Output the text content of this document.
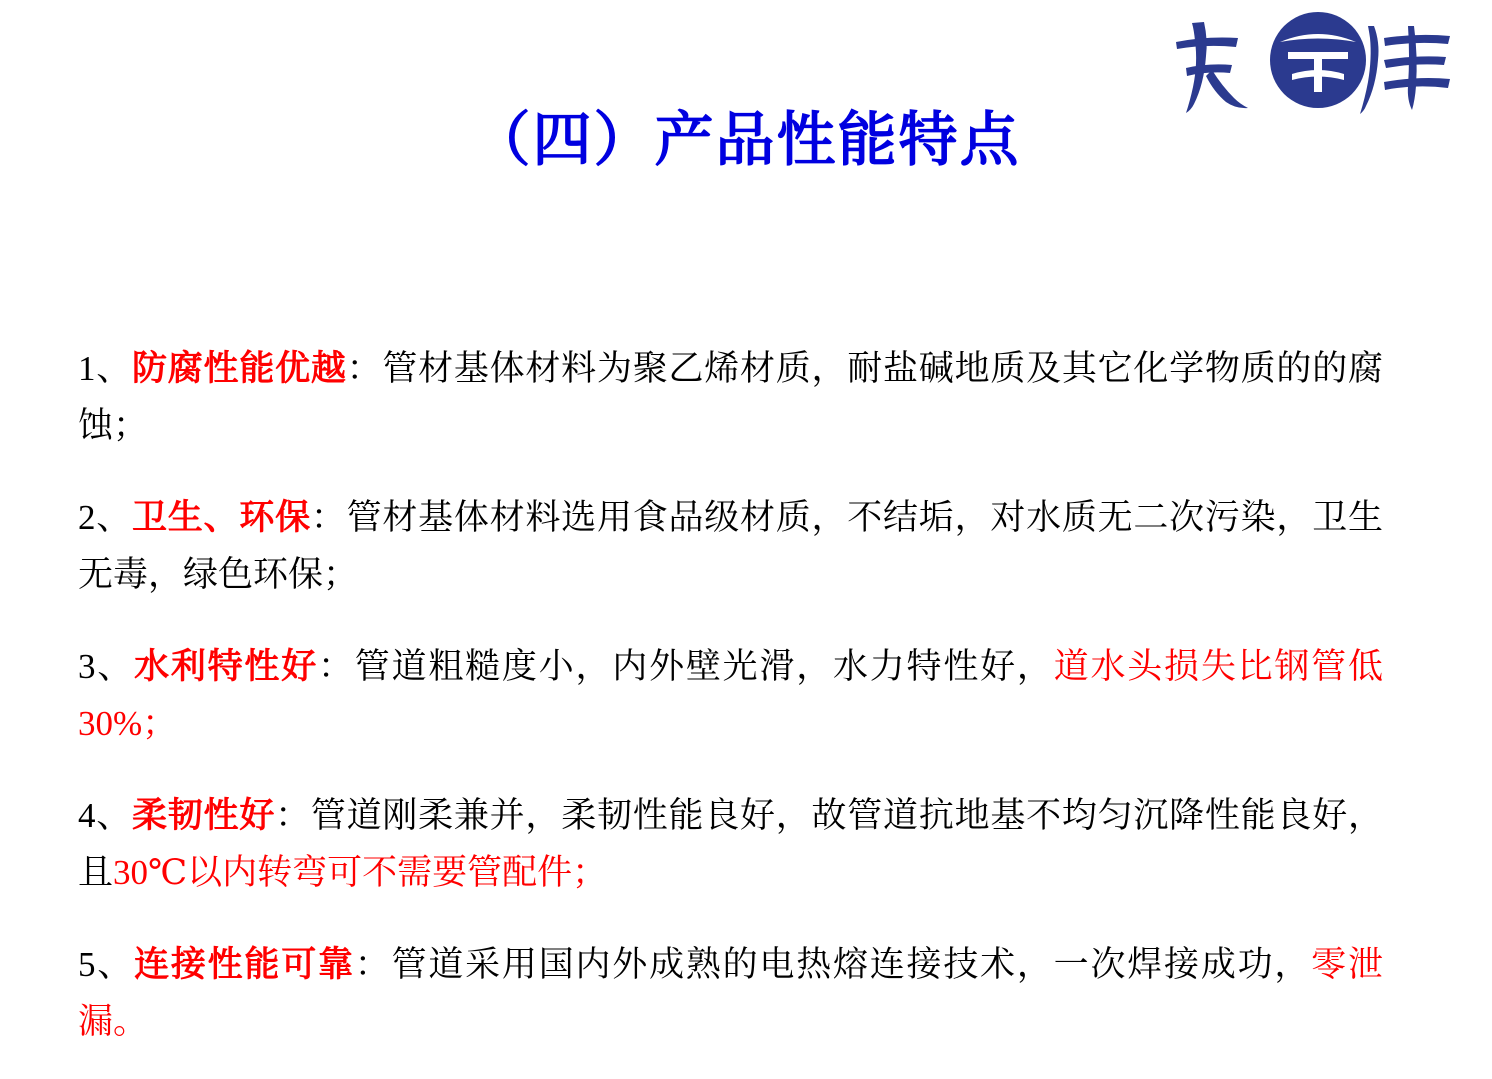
（四）产品性能特点

1、防腐性能优越：管材基体材料为聚乙烯材质，耐盐碱地质及其它化学物质的的腐蚀；

2、卫生、环保：管材基体材料选用食品级材质，不结垢，对水质无二次污染，卫生无毒，绿色环保；

3、水利特性好：管道粗糙度小，内外壁光滑，水力特性好，道水头损失比钢管低30%；

4、柔韧性好：管道刚柔兼并，柔韧性能良好，故管道抗地基不均匀沉降性能良好，且30℃以内转弯可不需要管配件；

5、连接性能可靠：管道采用国内外成熟的电热熔连接技术，一次焊接成功，零泄漏。
